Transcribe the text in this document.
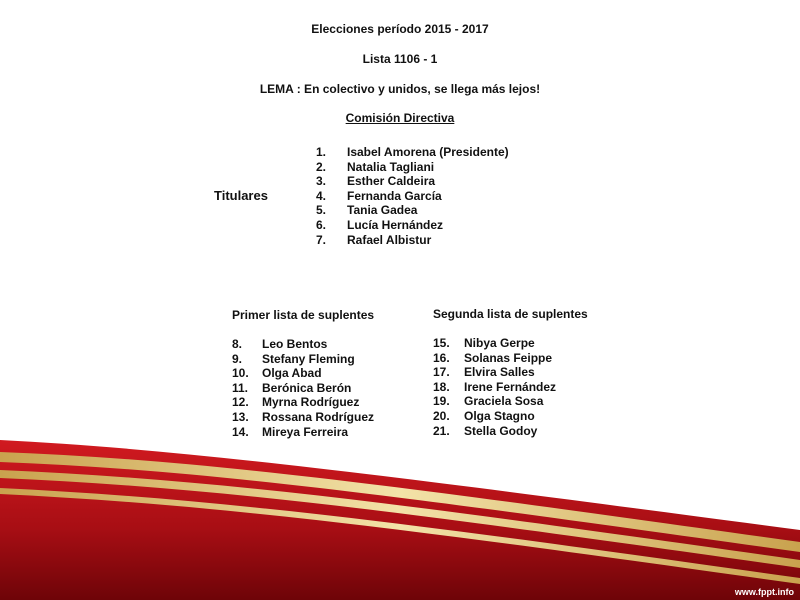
Elecciones período 2015 - 2017
Lista 1106 - 1
LEMA : En colectivo y unidos, se llega más lejos!
Comisión Directiva
Titulares
1. Isabel Amorena (Presidente)
2. Natalia Tagliani
3. Esther Caldeira
4. Fernanda García
5. Tania Gadea
6. Lucía Hernández
7. Rafael Albistur
Primer lista de suplentes
8. Leo Bentos
9. Stefany Fleming
10. Olga Abad
11. Berónica Berón
12. Myrna Rodríguez
13. Rossana Rodríguez
14. Mireya Ferreira
Segunda lista de suplentes
15. Nibya Gerpe
16. Solanas Feippe
17. Elvira Salles
18. Irene Fernández
19. Graciela Sosa
20. Olga Stagno
21. Stella Godoy
www.fppt.info
